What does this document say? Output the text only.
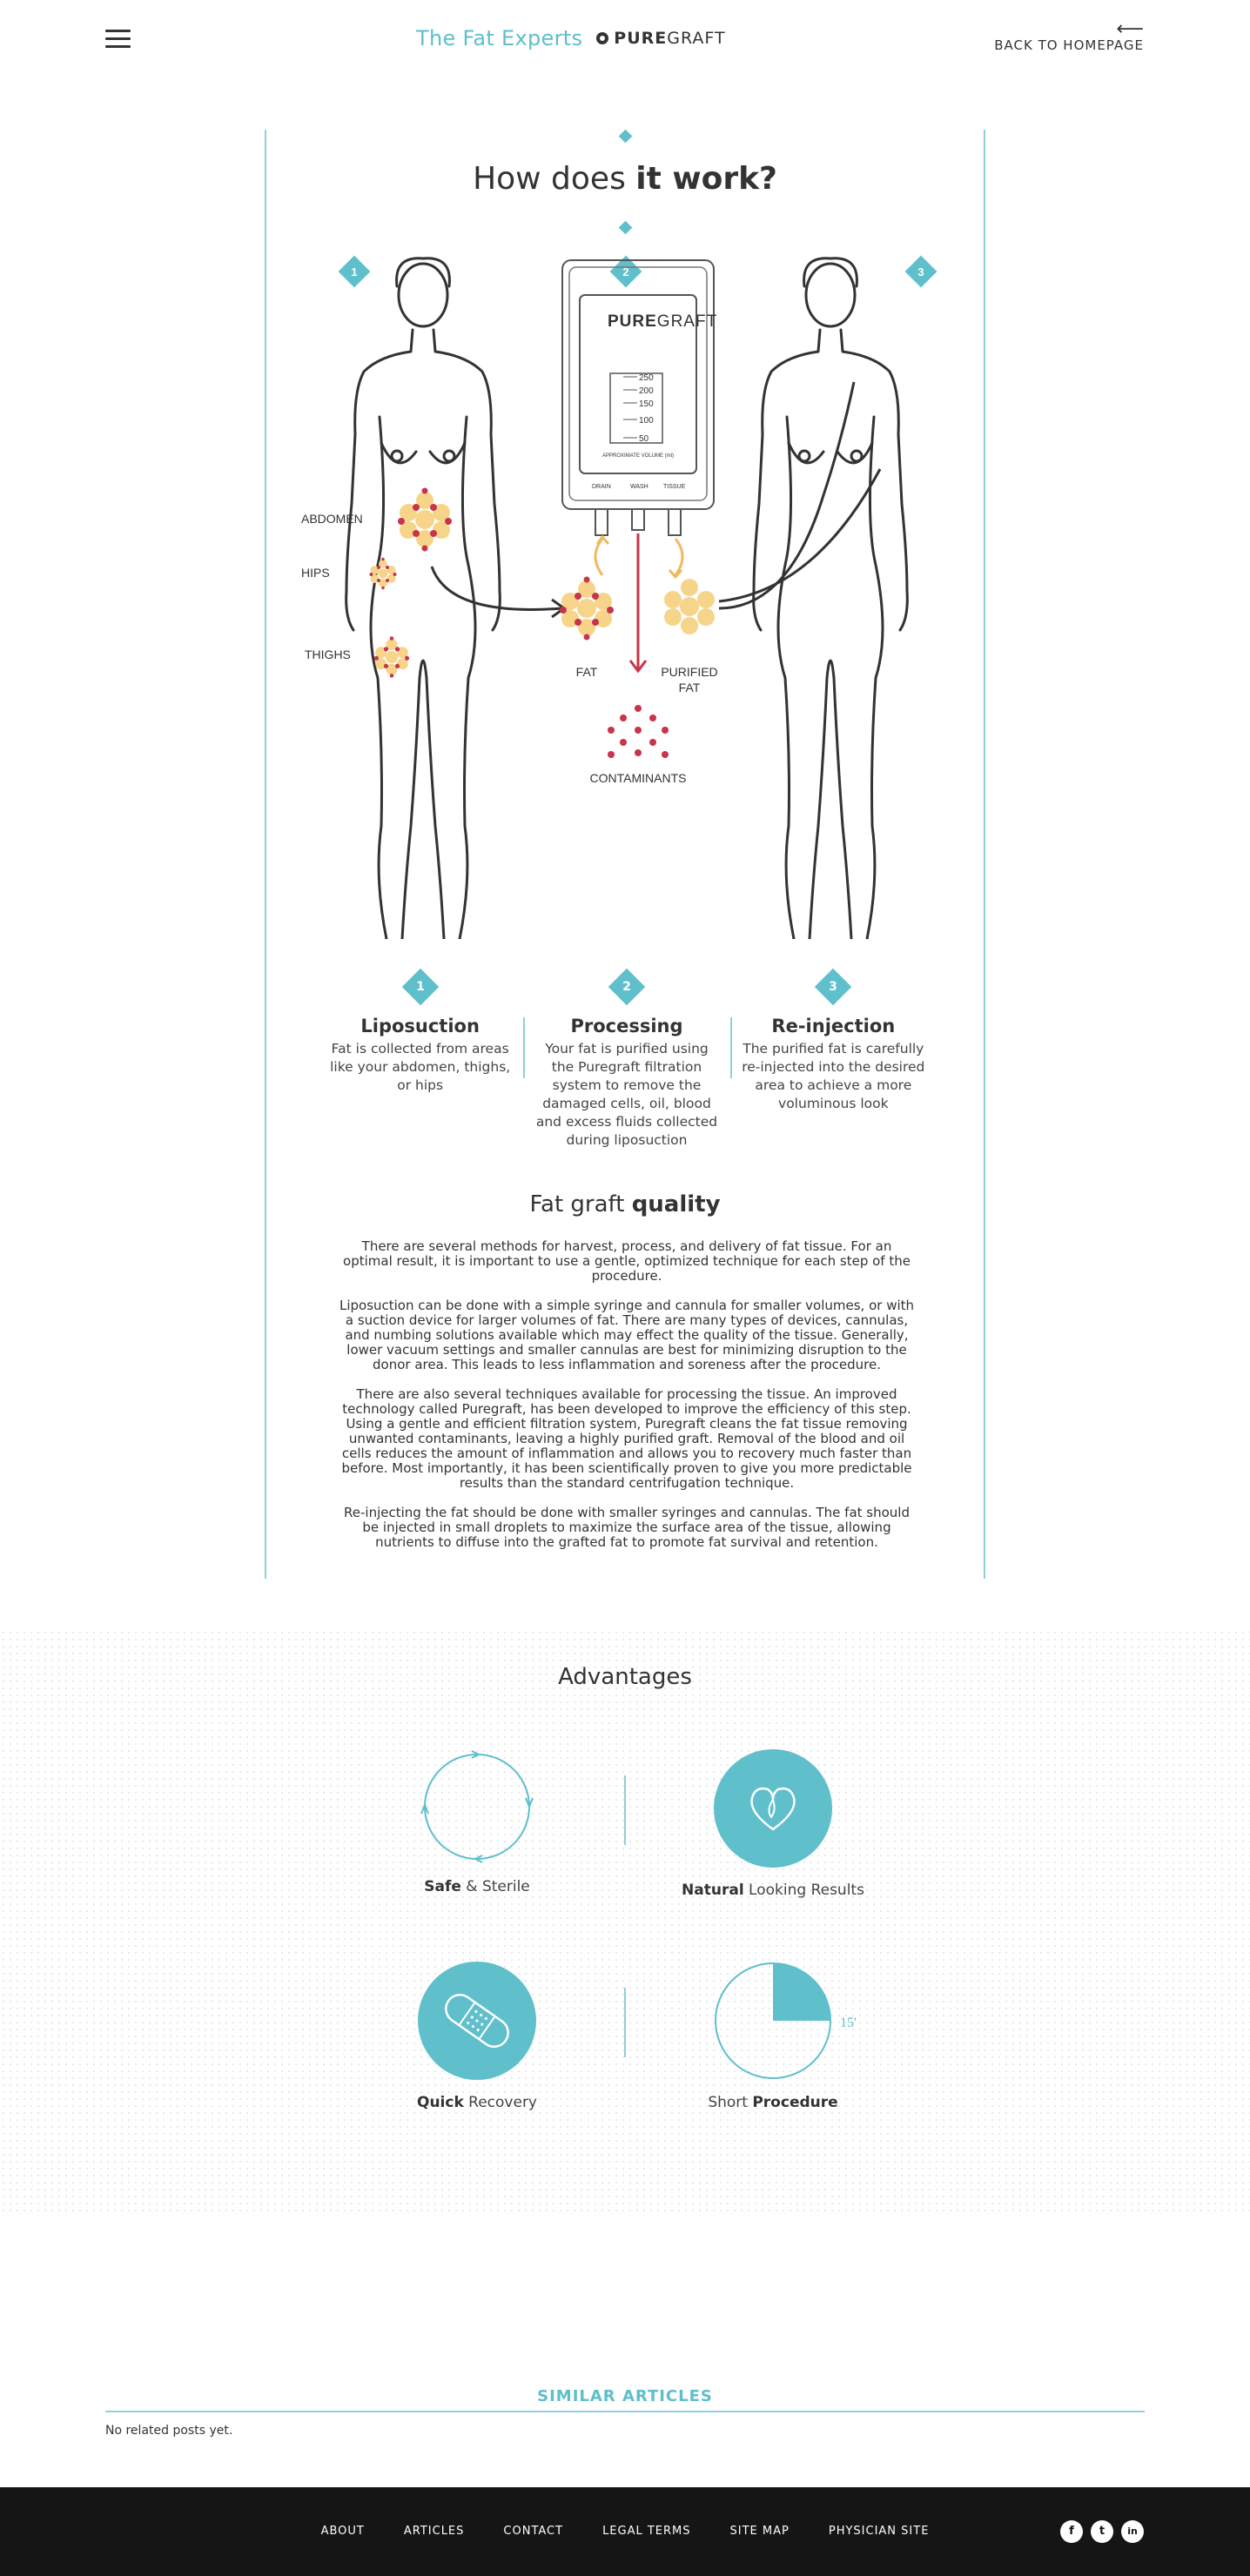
The Fat Experts PUREGRAFT	⟵
BACK TO HOMEPAGE
How does it work?
1	2	3
ABDOMEN
HIPS
THIGHS
PUREGRAFT
250
200
150
100
50
APPROXIMATE VOLUME (ml)
DRAIN	WASH TISSUE
FAT	PURIFIED
FAT
CONTAMINANTS
1
Liposuction
Fat is collected from areas like your abdomen, thighs, or hips
2
Processing
Your fat is purified using the Puregraft filtration system to remove the damaged cells, oil, blood and excess fluids collected during liposuction
3
Re-injection
The purified fat is carefully re-injected into the desired area to achieve a more voluminous look
Fat graft quality

There are several methods for harvest, process, and delivery of fat tissue. For an optimal result, it is important to use a gentle, optimized technique for each step of the procedure.

Liposuction can be done with a simple syringe and cannula for smaller volumes, or with a suction device for larger volumes of fat. There are many types of devices, cannulas, and numbing solutions available which may effect the quality of the tissue. Generally, lower vacuum settings and smaller cannulas are best for minimizing disruption to the donor area. This leads to less inflammation and soreness after the procedure.

There are also several techniques available for processing the tissue. An improved technology called Puregraft, has been developed to improve the efficiency of this step. Using a gentle and efficient filtration system, Puregraft cleans the fat tissue removing unwanted contaminants, leaving a highly purified graft. Removal of the blood and oil cells reduces the amount of inflammation and allows you to recovery much faster than before. Most importantly, it has been scientifically proven to give you more predictable results than the standard centrifugation technique.

Re-injecting the fat should be done with smaller syringes and cannulas. The fat should be injected in small droplets to maximize the surface area of the tissue, allowing nutrients to diffuse into the grafted fat to promote fat survival and retention.

Advantages
Safe & Sterile	Natural Looking Results
Quick Recovery
15'
Short Procedure
SIMILAR ARTICLES
No related posts yet.
ABOUT	ARTICLES	CONTACT	LEGAL TERMS	SITE MAP	PHYSICIAN SITE	f	t	in
